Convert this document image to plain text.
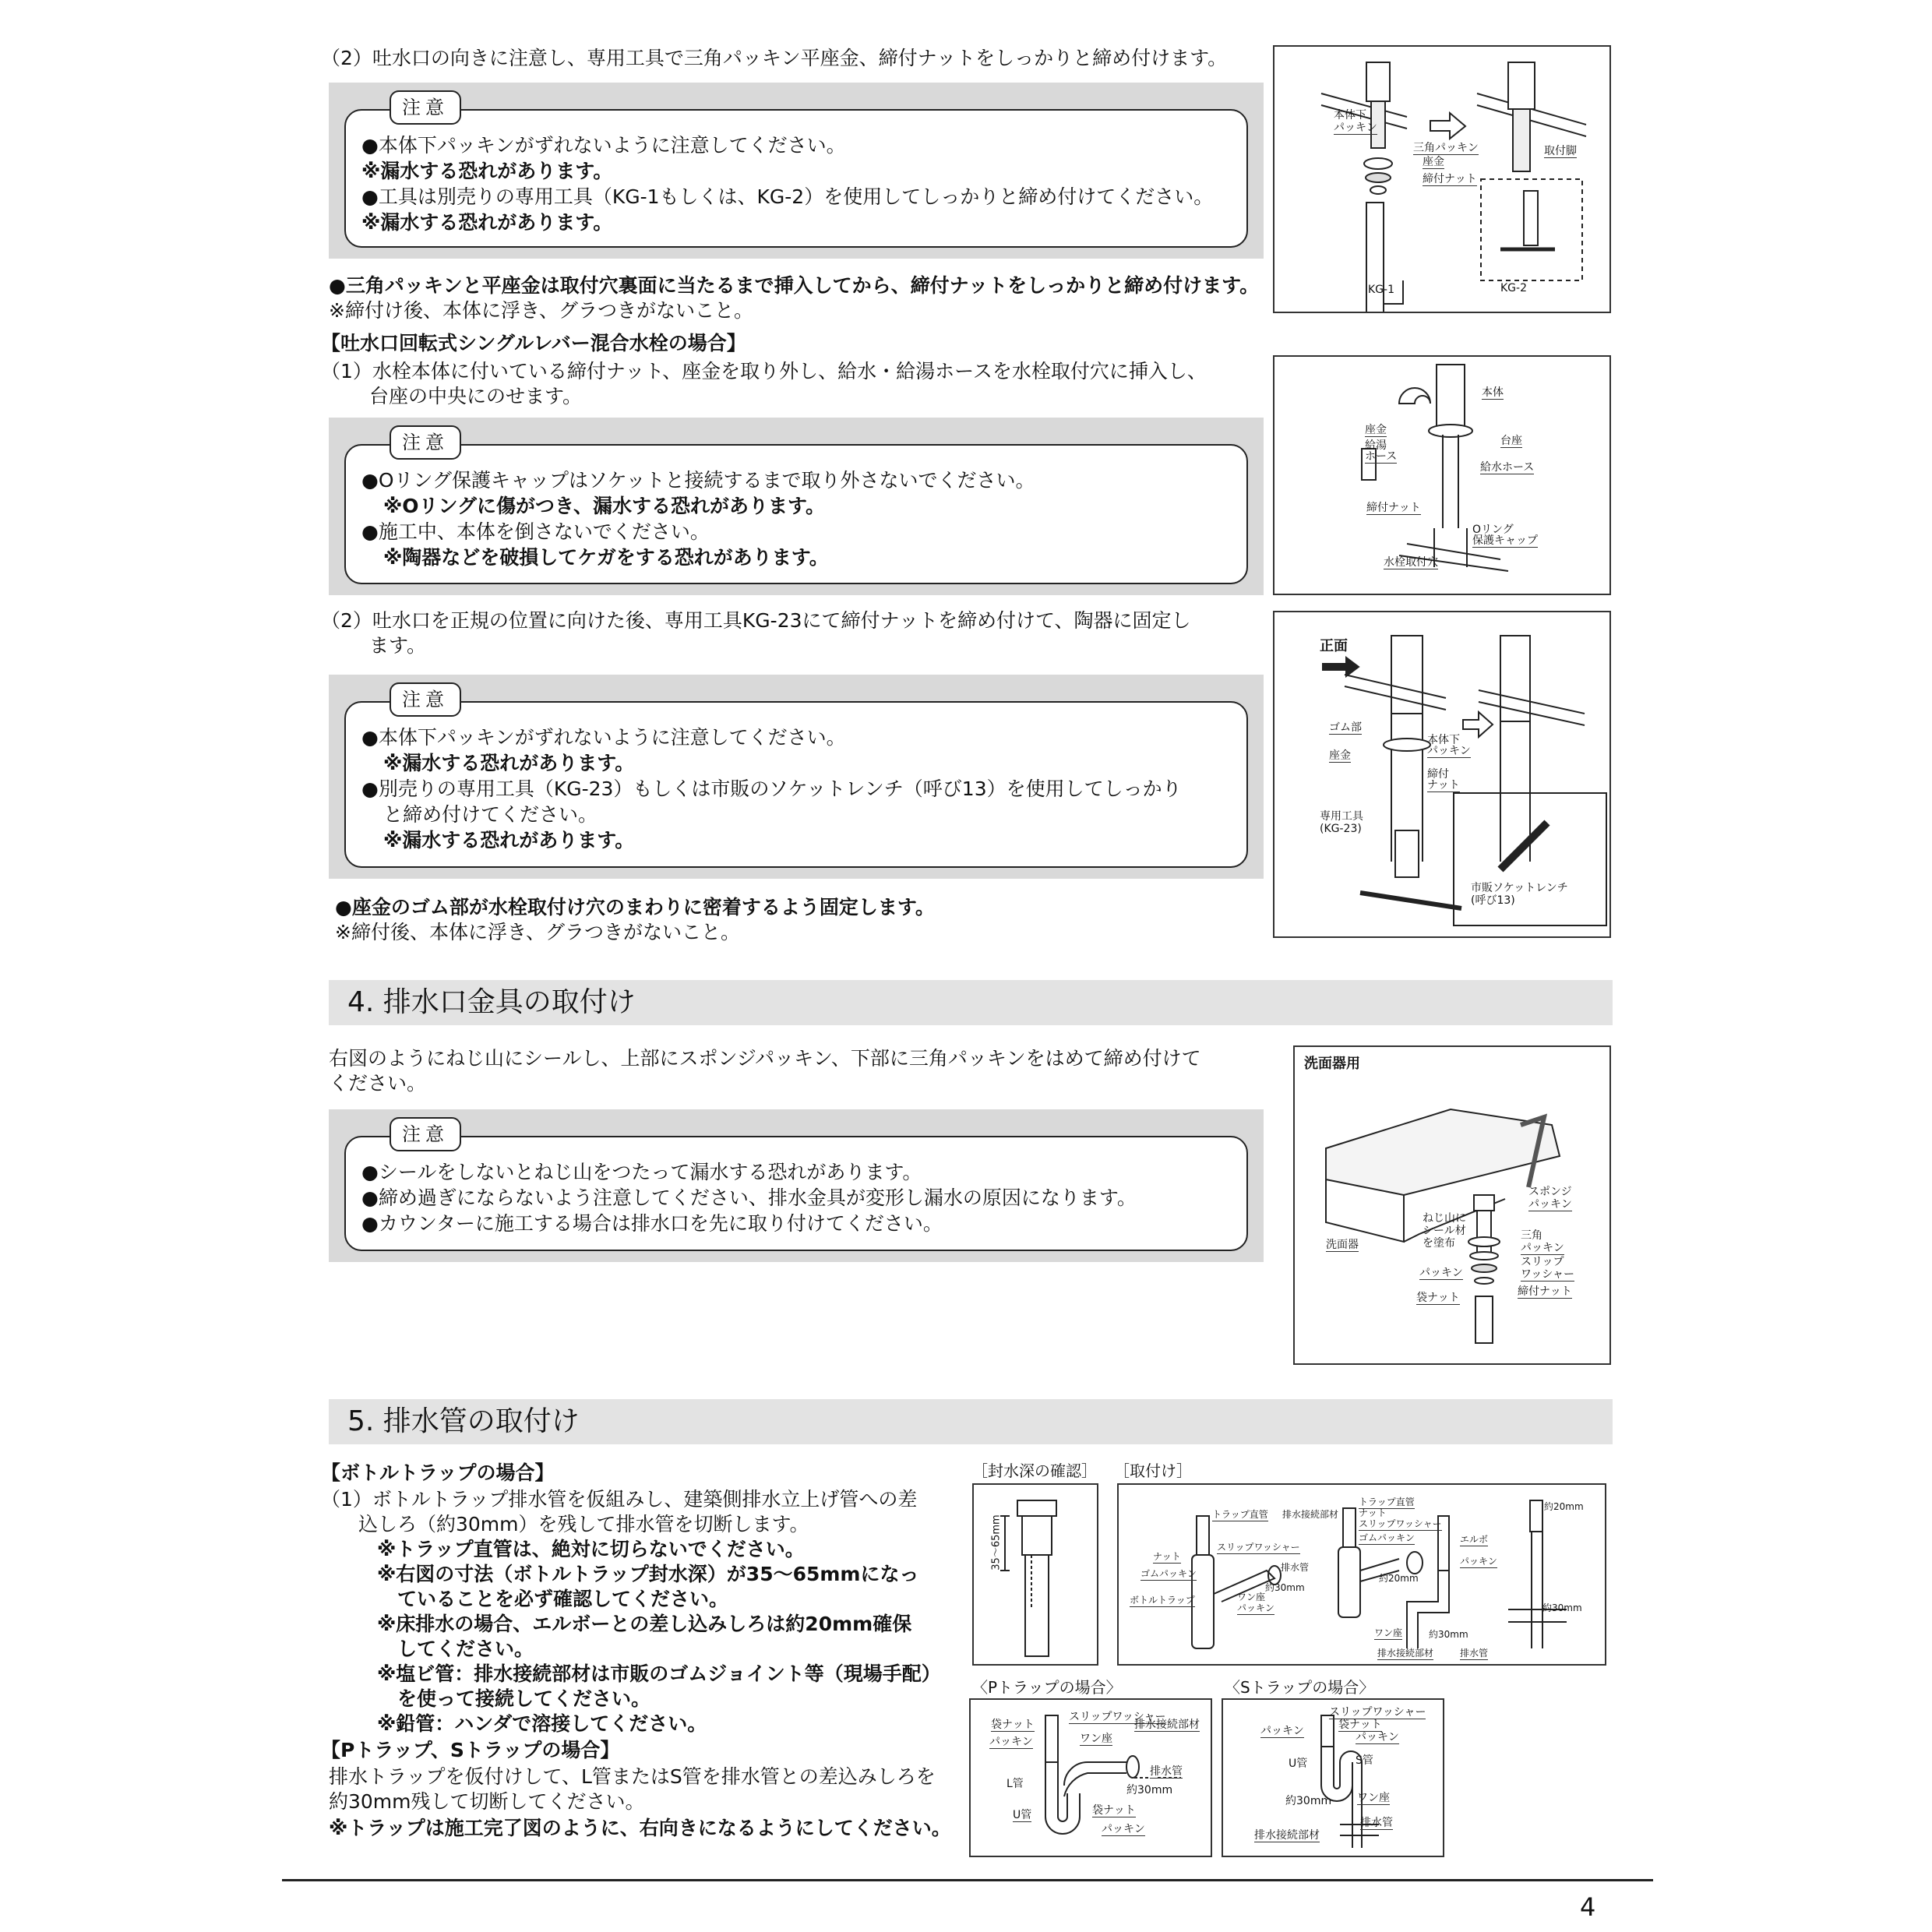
（2）吐水口の向きに注意し、専用工具で三角パッキン平座金、締付ナットをしっかりと締め付けます。
注意
●本体下パッキンがずれないように注意してください。
※漏水する恐れがあります。
●工具は別売りの専用工具（KG-1もしくは、KG-2）を使用してしっかりと締め付けてください。
※漏水する恐れがあります。
●三角パッキンと平座金は取付穴裏面に当たるまで挿入してから、締付ナットをしっかりと締め付けます。
※締付け後、本体に浮き、グラつきがないこと。
【吐水口回転式シングルレバー混合水栓の場合】
（1）水栓本体に付いている締付ナット、座金を取り外し、給水・給湯ホースを水栓取付穴に挿入し、
台座の中央にのせます。
注意
●Oリング保護キャップはソケットと接続するまで取り外さないでください。
※Oリングに傷がつき、漏水する恐れがあります。
●施工中、本体を倒さないでください。
※陶器などを破損してケガをする恐れがあります。
（2）吐水口を正規の位置に向けた後、専用工具KG-23にて締付ナットを締め付けて、陶器に固定し
ます。
注意
●本体下パッキンがずれないように注意してください。
※漏水する恐れがあります。
●別売りの専用工具（KG-23）もしくは市販のソケットレンチ（呼び13）を使用してしっかり
と締め付けてください。
※漏水する恐れがあります。
●座金のゴム部が水栓取付け穴のまわりに密着するよう固定します。
※締付後、本体に浮き、グラつきがないこと。
本体下
パッキン
三角パッキン
座金
締付ナット
取付脚
KG-1	KG-2
本体
座金
給湯
ホース
台座
給水ホース
締付ナット
Oリング
保護キャップ
水栓取付穴
正面
ゴム部
座金
本体下
パッキン
締付
ナット
専用工具
(KG-23)
市販ソケットレンチ
(呼び13)
4. 排水口金具の取付け
右図のようにねじ山にシールし、上部にスポンジパッキン、下部に三角パッキンをはめて締め付けて
ください。
注意
●シールをしないとねじ山をつたって漏水する恐れがあります。
●締め過ぎにならないよう注意してください、排水金具が変形し漏水の原因になります。
●カウンターに施工する場合は排水口を先に取り付けてください。
洗面器用
スポンジ
パッキン
ねじ山に
シール材
を塗布
洗面器
三角
パッキン
スリップ
ワッシャー
パッキン
締付ナット
袋ナット
5. 排水管の取付け
【ボトルトラップの場合】
（1）ボトルトラップ排水管を仮組みし、建築側排水立上げ管への差
込しろ（約30mm）を残して排水管を切断します。
※トラップ直管は、絶対に切らないでください。
※右図の寸法（ボトルトラップ封水深）が35～65mmになっ
ていることを必ず確認してください。
※床排水の場合、エルボーとの差し込みしろは約20mm確保
してください。
※塩ビ管：排水接続部材は市販のゴムジョイント等（現場手配）
を使って接続してください。
※鉛管：ハンダで溶接してください。
【Pトラップ、Sトラップの場合】
排水トラップを仮付けして、L管またはS管を排水管との差込みしろを
約30mm残して切断してください。
※トラップは施工完了図のように、右向きになるようにしてください。
［封水深の確認］ ［取付け］
35～65mm
トラップ直管 排水接続部材
スリップワッシャー
ナット
ゴムパッキン
排水管
ボトルトラップ	ワン座
パッキン
約30mm
トラップ直管
ナット
スリップワッシャー
ゴムパッキン	エルボ
パッキン
約20mm
ワン座	約30mm
排水接続部材	排水管
約20mm
約30mm
〈Pトラップの場合〉
袋ナット
スリップワッシャー
排水接続部材
パッキン	ワン座
L管
排水管
約30mm
U管	袋ナット
パッキン
〈Sトラップの場合〉
スリップワッシャー
袋ナット
パッキン
パッキン
U管	S管
約30mm ワン座
排水管
排水接続部材
4
